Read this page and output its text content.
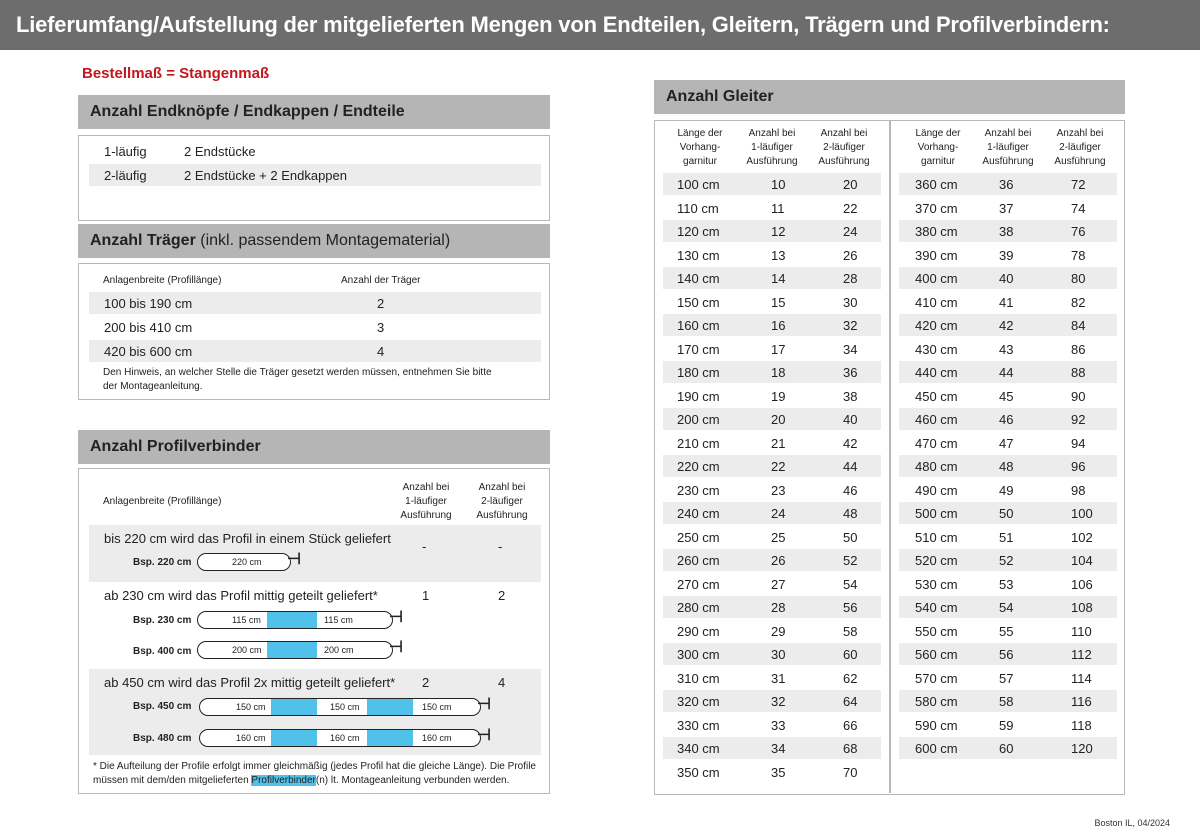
Lieferumfang/Aufstellung der mitgelieferten Mengen von Endteilen, Gleitern, Trägern und Profilverbindern:
Bestellmaß = Stangenmaß
Anzahl Endknöpfe / Endkappen / Endteile
1-läufig	2 Endstücke
2-läufig	2 Endstücke + 2 Endkappen
Anzahl Träger (inkl. passendem Montagematerial)
Anlagenbreite (Profillänge)	Anzahl der Träger
100 bis 190 cm	2
200 bis 410 cm	3
420 bis 600 cm	4
Den Hinweis, an welcher Stelle die Träger gesetzt werden müssen, entnehmen Sie bitte
der Montageanleitung.
Anzahl Profilverbinder
Anlagenbreite (Profillänge)
Anzahl bei
1-läufiger
Ausführung
Anzahl bei
2-läufiger
Ausführung
bis 220 cm wird das Profil in einem Stück geliefert
-	-
Bsp. 220 cm	220 cm ⊣
ab 230 cm wird das Profil mittig geteilt geliefert*	1	2
Bsp. 230 cm	115 cm	115 cm ⊣
Bsp. 400 cm	200 cm	200 cm ⊣
ab 450 cm wird das Profil 2x mittig geteilt geliefert* 2	4
Bsp. 450 cm	150 cm	150 cm	150 cm ⊣
Bsp. 480 cm	160 cm	160 cm	160 cm ⊣
* Die Aufteilung der Profile erfolgt immer gleichmäßig (jedes Profil hat die gleiche Länge). Die Profile
müssen mit dem/den mitgelieferten Profilverbinder(n) lt. Montageanleitung verbunden werden.
Anzahl Gleiter
Länge der
Vorhang-
garnitur
Anzahl bei
1-läufiger
Ausführung
Anzahl bei
2-läufiger
Ausführung
Länge der
Vorhang-
garnitur
Anzahl bei
1-läufiger
Ausführung
Anzahl bei
2-läufiger
Ausführung
100 cm	10	20
110 cm	11	22
120 cm	12	24
130 cm	13	26
140 cm	14	28
150 cm	15	30
160 cm	16	32
170 cm	17	34
180 cm	18	36
190 cm	19	38
200 cm	20	40
210 cm	21	42
220 cm	22	44
230 cm	23	46
240 cm	24	48
250 cm	25	50
260 cm	26	52
270 cm	27	54
280 cm	28	56
290 cm	29	58
300 cm	30	60
310 cm	31	62
320 cm	32	64
330 cm	33	66
340 cm	34	68
350 cm	35	70
360 cm	36	72
370 cm	37	74
380 cm	38	76
390 cm	39	78
400 cm	40	80
410 cm	41	82
420 cm	42	84
430 cm	43	86
440 cm	44	88
450 cm	45	90
460 cm	46	92
470 cm	47	94
480 cm	48	96
490 cm	49	98
500 cm	50	100
510 cm	51	102
520 cm	52	104
530 cm	53	106
540 cm	54	108
550 cm	55	110
560 cm	56	112
570 cm	57	114
580 cm	58	116
590 cm	59	118
600 cm	60	120
Boston IL, 04/2024
